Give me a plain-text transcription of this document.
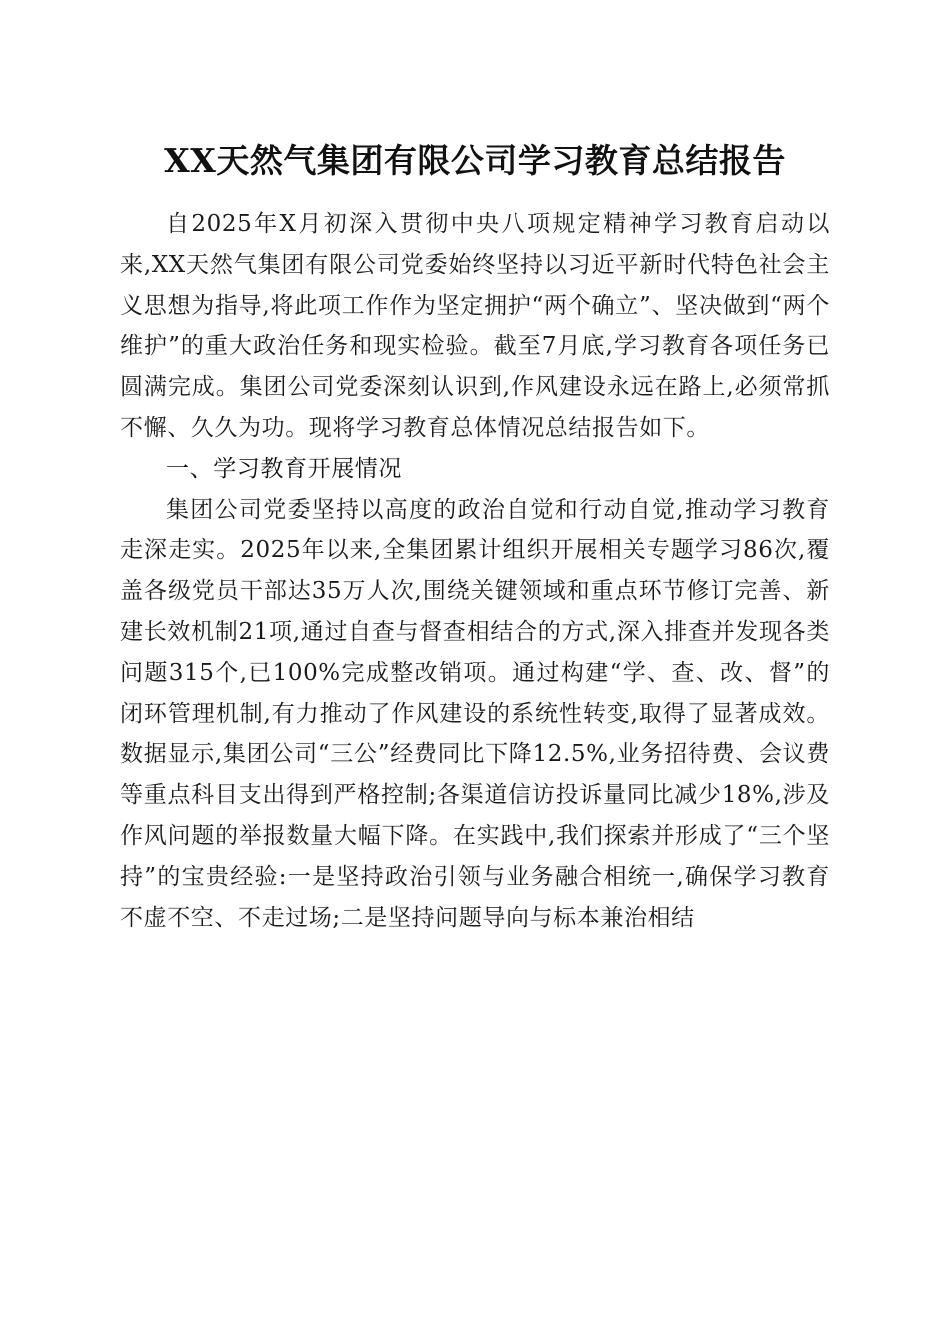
XX天然气集团有限公司学习教育总结报告

自2025年X月初深入贯彻中央八项规定精神学习教育启动以来,XX天然气集团有限公司党委始终坚持以习近平新时代特色社会主义思想为指导,将此项工作作为坚定拥护“两个确立”、坚决做到“两个维护”的重大政治任务和现实检验。截至7月底,学习教育各项任务已圆满完成。集团公司党委深刻认识到,作风建设永远在路上,必须常抓不懈、久久为功。现将学习教育总体情况总结报告如下。

一、学习教育开展情况

集团公司党委坚持以高度的政治自觉和行动自觉,推动学习教育走深走实。2025年以来,全集团累计组织开展相关专题学习86次,覆盖各级党员干部达35万人次,围绕关键领域和重点环节修订完善、新建长效机制21项,通过自查与督查相结合的方式,深入排查并发现各类问题315个,已100%完成整改销项。通过构建“学、查、改、督”的闭环管理机制,有力推动了作风建设的系统性转变,取得了显著成效。数据显示,集团公司“三公”经费同比下降12.5%,业务招待费、会议费等重点科目支出得到严格控制;各渠道信访投诉量同比减少18%,涉及作风问题的举报数量大幅下降。在实践中,我们探索并形成了“三个坚持”的宝贵经验:一是坚持政治引领与业务融合相统一,确保学习教育不虚不空、不走过场;二是坚持问题导向与标本兼治相结
